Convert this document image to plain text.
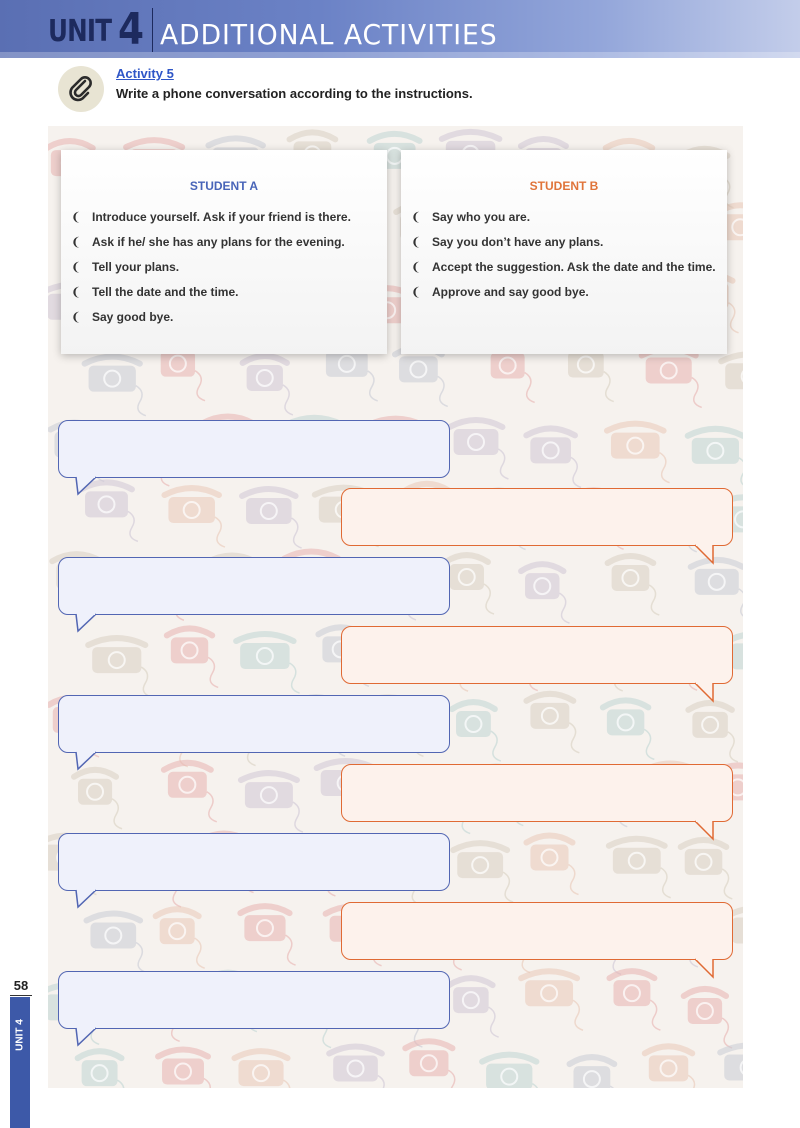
UNIT 4 ADDITIONAL ACTIVITIES
Activity 5
Write a phone conversation according to the instructions.
STUDENT A
❨ Introduce yourself. Ask if your friend is there.
❨ Ask if he/ she has any plans for the evening.
❨ Tell your plans.
❨ Tell the date and the time.
❨ Say good bye.
STUDENT B
❨ Say who you are.
❨ Say you don’t have any plans.
❨ Accept the suggestion. Ask the date and the time.
❨ Approve and say good bye.
58
UNIT 4
